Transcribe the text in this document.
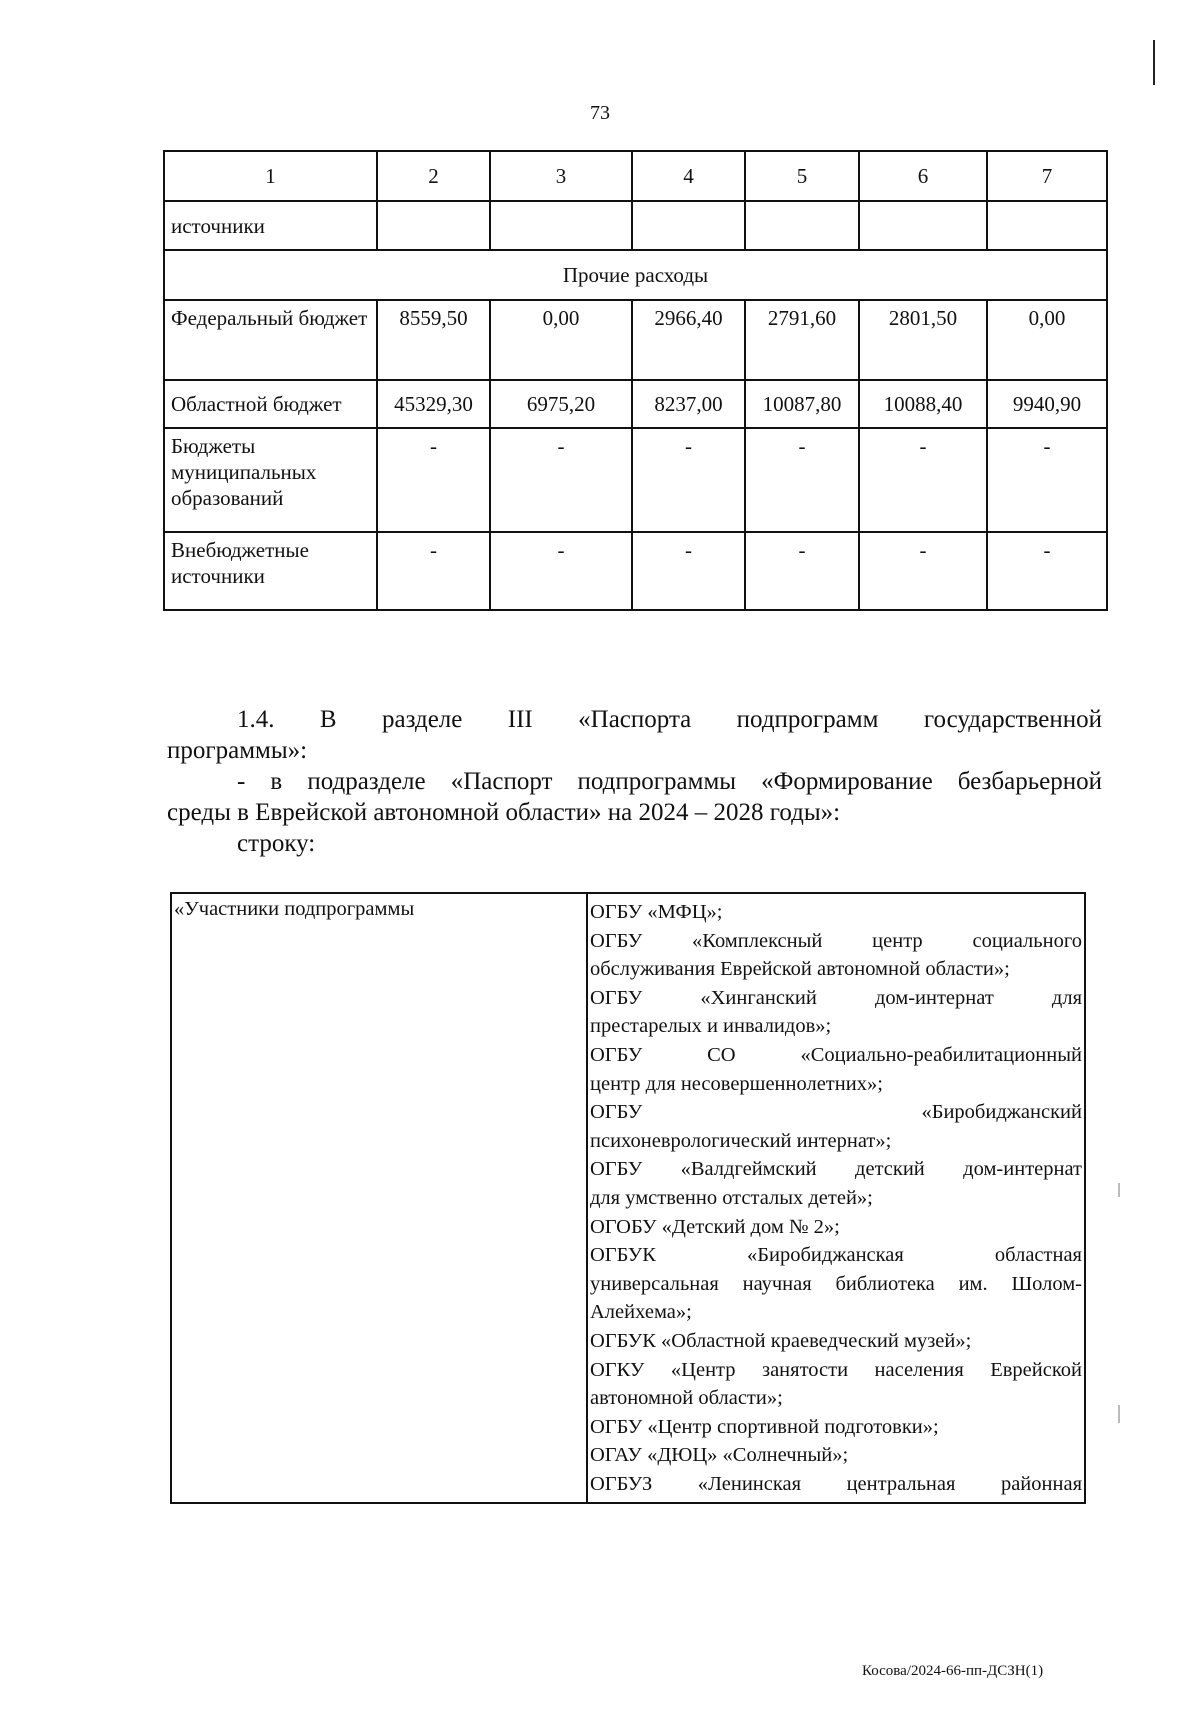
73
1	2	3	4	5	6	7
источники						
Прочие расходы						
Федеральный бюджет	8559,50	0,00	2966,40	2791,60	2801,50	0,00
Областной бюджет	45329,30	6975,20	8237,00	10087,80	10088,40	9940,90
Бюджеты муниципальных образований	-	-	-	-	-	-
Внебюджетные источники	-	-	-	-	-	-
1.4. В разделе III «Паспорта подпрограмм государственной
программы»:
- в подразделе «Паспорт подпрограммы «Формирование безбарьерной
среды в Еврейской автономной области» на 2024 – 2028 годы»:
строку:
«Участники подпрограммы	ОГБУ «МФЦ»;
ОГБУ «Комплексный центр социального
обслуживания Еврейской автономной области»;
ОГБУ «Хинганский дом-интернат для
престарелых и инвалидов»;
ОГБУ СО «Социально-реабилитационный
центр для несовершеннолетних»;
ОГБУ «Биробиджанский
психоневрологический интернат»;
ОГБУ «Валдгеймский детский дом-интернат
для умственно отсталых детей»;
ОГОБУ «Детский дом № 2»;
ОГБУК «Биробиджанская областная
универсальная научная библиотека им. Шолом-
Алейхема»;
ОГБУК «Областной краеведческий музей»;
ОГКУ «Центр занятости населения Еврейской
автономной области»;
ОГБУ «Центр спортивной подготовки»;
ОГАУ «ДЮЦ» «Солнечный»;
ОГБУЗ «Ленинская центральная районная
Косова/2024-66-пп-ДСЗН(1)
